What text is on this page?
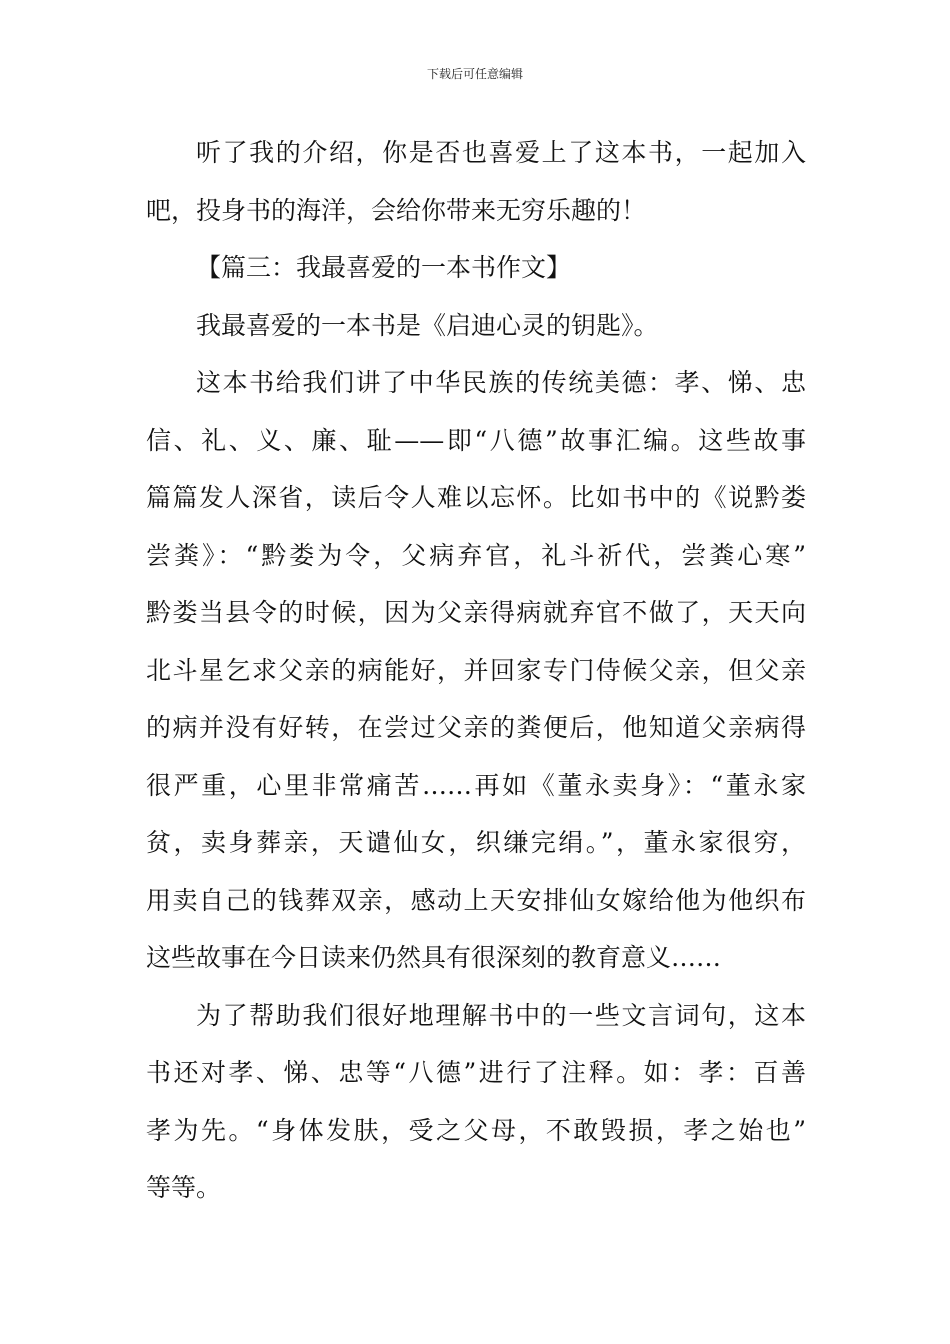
下载后可任意编辑

听了我的介绍，你是否也喜爱上了这本书，一起加入
吧，投身书的海洋，会给你带来无穷乐趣的！

【篇三：我最喜爱的一本书作文】

我最喜爱的一本书是《启迪心灵的钥匙》。

这本书给我们讲了中华民族的传统美德：孝、悌、忠
信、礼、义、廉、耻——即“八德”故事汇编。这些故事
篇篇发人深省，读后令人难以忘怀。比如书中的《说黔娄
尝粪》：“黔娄为令，父病弃官，礼斗祈代，尝粪心寒”
黔娄当县令的时候，因为父亲得病就弃官不做了，天天向
北斗星乞求父亲的病能好，并回家专门侍候父亲，但父亲
的病并没有好转，在尝过父亲的粪便后，他知道父亲病得
很严重，心里非常痛苦……再如《董永卖身》：“董永家
贫，卖身葬亲，天谴仙女，织缣完绢。”，董永家很穷，
用卖自己的钱葬双亲，感动上天安排仙女嫁给他为他织布
这些故事在今日读来仍然具有很深刻的教育意义……

为了帮助我们很好地理解书中的一些文言词句，这本
书还对孝、悌、忠等“八德”进行了注释。如：孝：百善
孝为先。“身体发肤，受之父母，不敢毁损，孝之始也”
等等。
